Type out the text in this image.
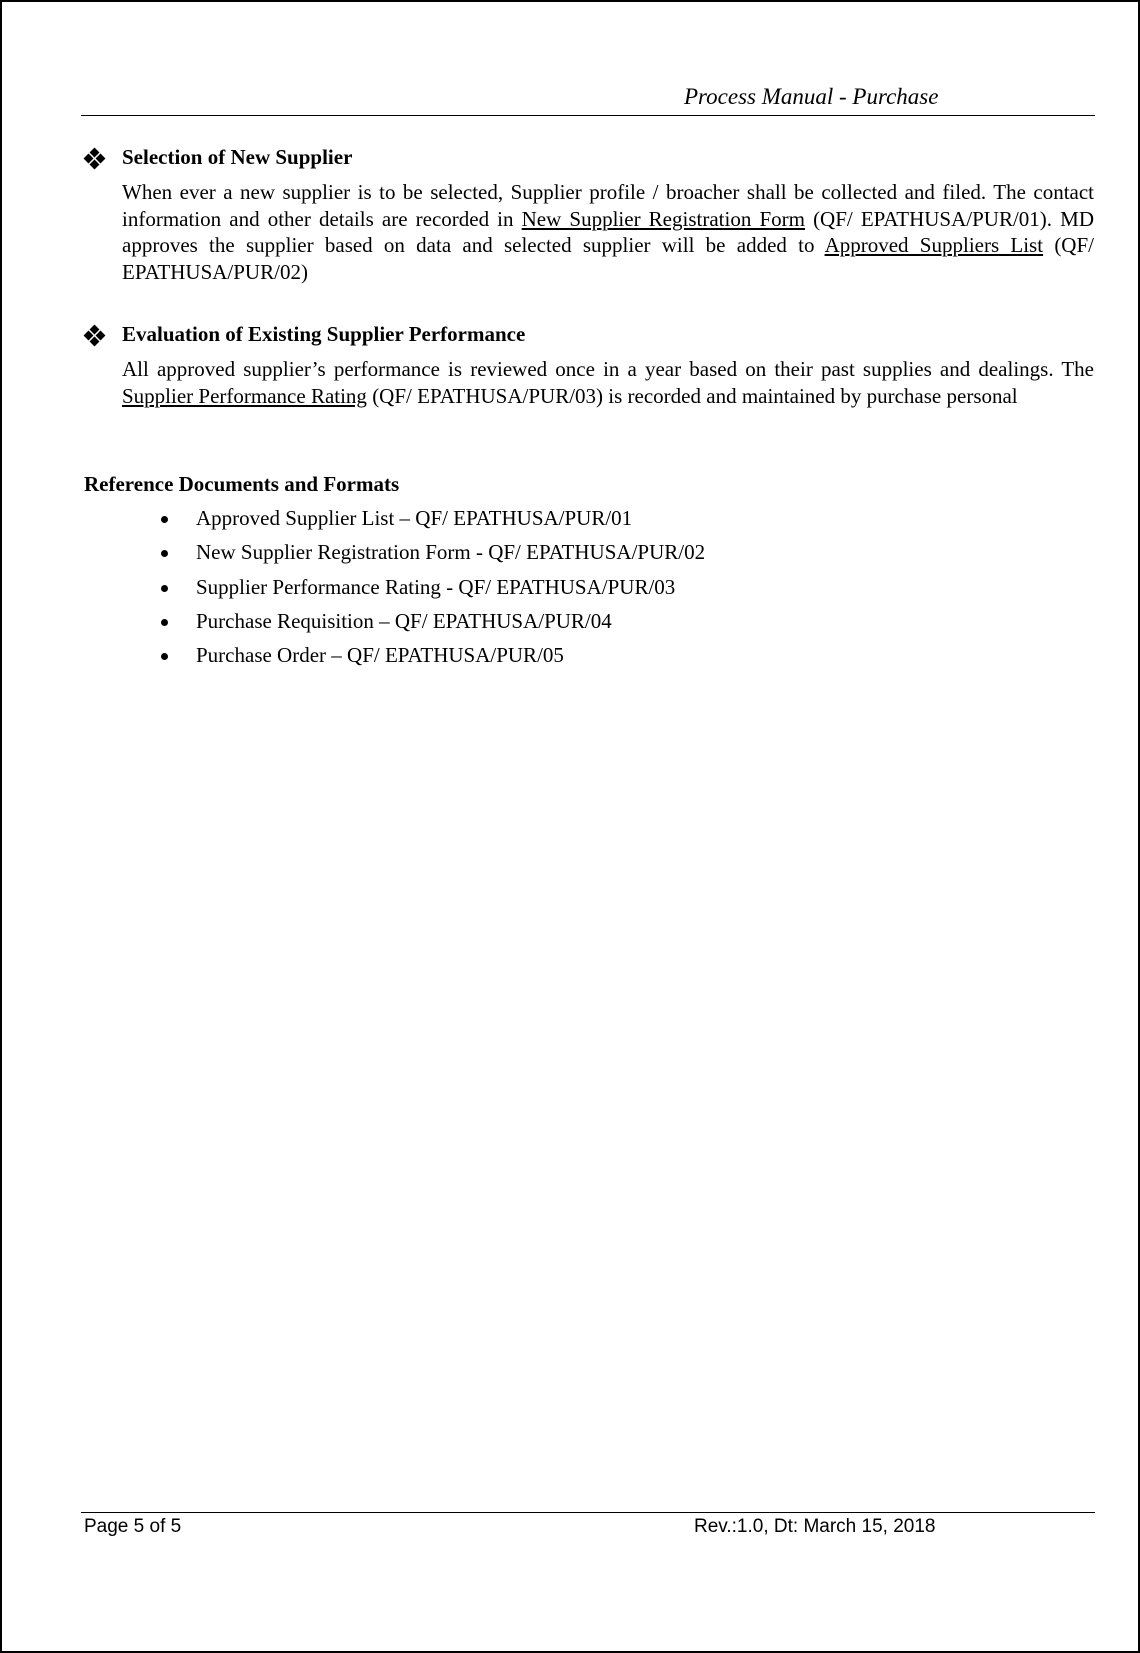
Process Manual - Purchase
Selection of New Supplier
When ever a new supplier is to be selected, Supplier profile / broacher shall be collected and filed. The contact information and other details are recorded in New Supplier Registration Form (QF/ EPATHUSA/PUR/01). MD approves the supplier based on data and selected supplier will be added to Approved Suppliers List (QF/ EPATHUSA/PUR/02)
Evaluation of Existing Supplier Performance
All approved supplier’s performance is reviewed once in a year based on their past supplies and dealings. The Supplier Performance Rating (QF/ EPATHUSA/PUR/03) is recorded and maintained by purchase personal
Reference Documents and Formats
Approved Supplier List – QF/ EPATHUSA/PUR/01
New Supplier Registration Form - QF/ EPATHUSA/PUR/02
Supplier Performance Rating - QF/ EPATHUSA/PUR/03
Purchase Requisition – QF/ EPATHUSA/PUR/04
Purchase Order – QF/ EPATHUSA/PUR/05
Page 5 of 5	Rev.:1.0, Dt: March 15, 2018
